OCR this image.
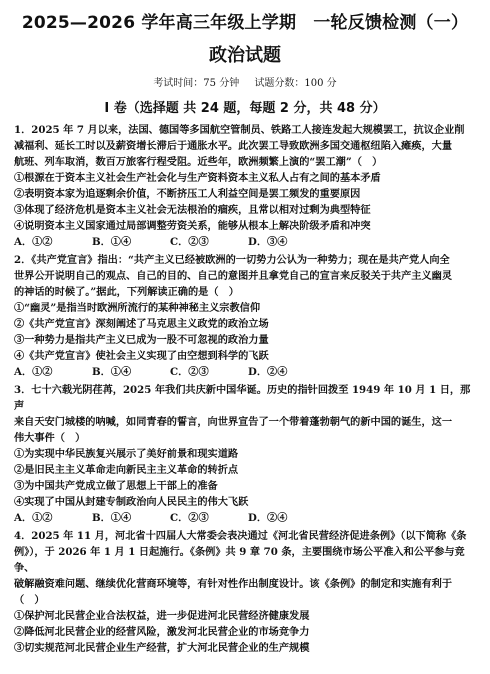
2025—2026 学年高三年级上学期　一轮反馈检测（一）
政治试题
考试时间：75 分钟 试题分数：100 分
I 卷（选择题 共 24 题，每题 2 分，共 48 分）

1．2025 年 7 月以来，法国、德国等多国航空管制员、铁路工人接连发起大规模罢工，抗议企业削

减福利、延长工时以及薪资增长滞后于通胀水平。此次罢工导致欧洲多国交通枢纽陷入瘫痪，大量

航班、列车取消，数百万旅客行程受阻。近些年，欧洲频繁上演的“罢工潮”（　）

①根源在于资本主义社会生产社会化与生产资料资本主义私人占有之间的基本矛盾

②表明资本家为追逐剩余价值，不断挤压工人利益空间是罢工频发的重要原因

③体现了经济危机是资本主义社会无法根治的痼疾，且常以相对过剩为典型特征

④说明资本主义国家通过局部调整劳资关系，能够从根本上解决阶级矛盾和冲突

A．①②	B．①④	C．②③	D．③④

2．《共产党宣言》指出：“共产主义已经被欧洲的一切势力公认为一种势力；现在是共产党人向全

世界公开说明自己的观点、自己的目的、自己的意图并且拿党自己的宣言来反驳关于共产主义幽灵

的神话的时候了。”据此，下列解读正确的是（　）

①“幽灵”是指当时欧洲所流行的某种神秘主义宗教信仰

②《共产党宣言》深刻阐述了马克思主义政党的政治立场

③一种势力是指共产主义已成为一股不可忽视的政治力量

④《共产党宣言》使社会主义实现了由空想到科学的飞跃

A．①②	B．①④	C．②③	D．②④

3．七十六载光阴荏苒，2025 年我们共庆新中国华诞。历史的指针回拨至 1949 年 10 月 1 日，那声

来自天安门城楼的呐喊，如同青春的誓言，向世界宣告了一个带着蓬勃朝气的新中国的诞生，这一

伟大事件（　）

①为实现中华民族复兴展示了美好前景和现实道路

②是旧民主主义革命走向新民主主义革命的转折点

③为中国共产党成立做了思想上干部上的准备

④实现了中国从封建专制政治向人民民主的伟大飞跃

A．①②	B．①④	C．②③	D．②④

4．2025 年 11 月，河北省十四届人大常委会表决通过《河北省民营经济促进条例》（以下简称《条

例》），于 2026 年 1 月 1 日起施行。《条例》共 9 章 70 条，主要围绕市场公平准入和公平参与竞争、

破解融资难问题、继续优化营商环境等，有针对性作出制度设计。该《条例》的制定和实施有利于

（　）

①保护河北民营企业合法权益，进一步促进河北民营经济健康发展

②降低河北民营企业的经营风险，激发河北民营企业的市场竞争力

③切实规范河北民营企业生产经营，扩大河北民营企业的生产规模
